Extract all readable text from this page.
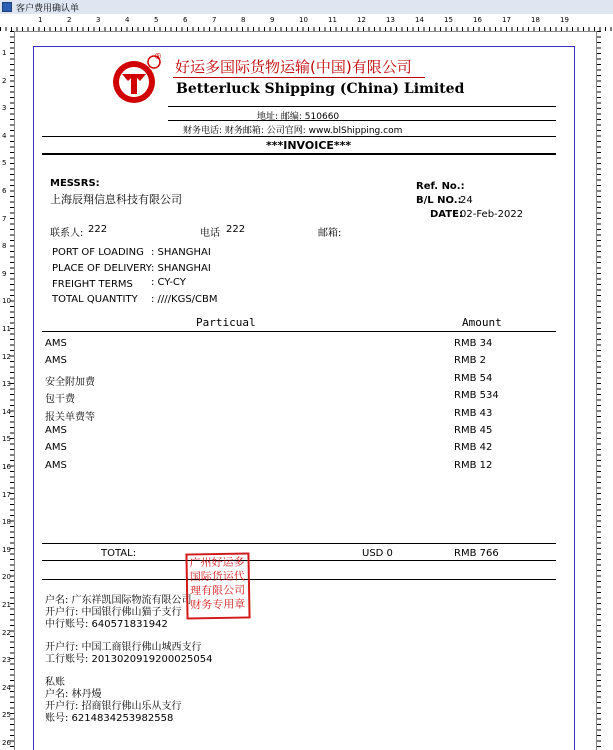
客户费用确认单
1	2	3	4	5	6	7	8	9	10	11	12	13	14	15	16	17	18	19
1
2
3
4
5
6
7
8
9
10
11
12
13
14
15
16
17
18
19
20
21
22
23
24
25
26
®
好运多国际货物运输(中国)有限公司
Betterluck Shipping (China) Limited
地址: 邮编: 510660
财务电话: 财务邮箱: 公司官网: www.blShipping.com
***INVOICE***
MESSRS:
上海辰翔信息科技有限公司
Ref. No.:
B/L NO.:
24
DATE:
02-Feb-2022
联系人: 222	电话 222	邮箱:
PORT OF LOADING : SHANGHAI
PLACE OF DELIVERY : SHANGHAI
FREIGHT TERMS : CY-CY
TOTAL QUANTITY : ////KGS/CBM
Particual	Amount
AMS	RMB 34
AMS	RMB 2
安全附加费	RMB 54
包干费	RMB 534
报关单费等	RMB 43
AMS	RMB 45
AMS	RMB 42
AMS	RMB 12
TOTAL:	USD 0	RMB 766
户名: 广东祥凯国际物流有限公司
开户行: 中国银行佛山猫子支行
中行账号: 640571831942
开户行: 中国工商银行佛山城西支行
工行账号: 2013020919200025054
私账
户名: 林丹熳
开户行: 招商银行佛山乐从支行
账号: 6214834253982558
广州好运多
国际货运代
理有限公司
财务专用章
